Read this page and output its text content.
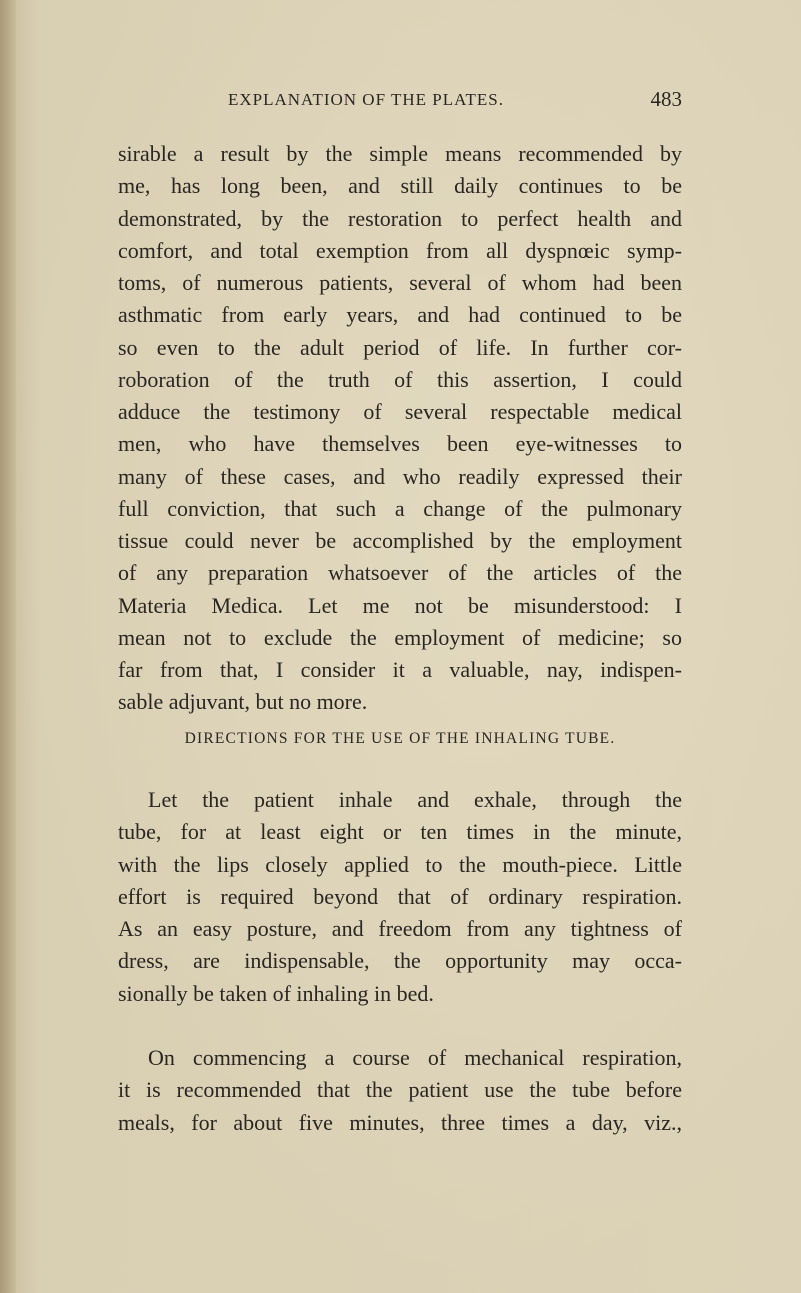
EXPLANATION OF THE PLATES.	483
sirable a result by the simple means recommended by
me, has long been, and still daily continues to be
demonstrated, by the restoration to perfect health and
comfort, and total exemption from all dyspnœic symp-
toms, of numerous patients, several of whom had been
asthmatic from early years, and had continued to be
so even to the adult period of life. In further cor-
roboration of the truth of this assertion, I could
adduce the testimony of several respectable medical
men, who have themselves been eye-witnesses to
many of these cases, and who readily expressed their
full conviction, that such a change of the pulmonary
tissue could never be accomplished by the employment
of any preparation whatsoever of the articles of the
Materia Medica. Let me not be misunderstood: I
mean not to exclude the employment of medicine; so
far from that, I consider it a valuable, nay, indispen-
sable adjuvant, but no more.
DIRECTIONS FOR THE USE OF THE INHALING TUBE.
Let the patient inhale and exhale, through the
tube, for at least eight or ten times in the minute,
with the lips closely applied to the mouth-piece. Little
effort is required beyond that of ordinary respiration.
As an easy posture, and freedom from any tightness of
dress, are indispensable, the opportunity may occa-
sionally be taken of inhaling in bed.
On commencing a course of mechanical respiration,
it is recommended that the patient use the tube before
meals, for about five minutes, three times a day, viz.,
